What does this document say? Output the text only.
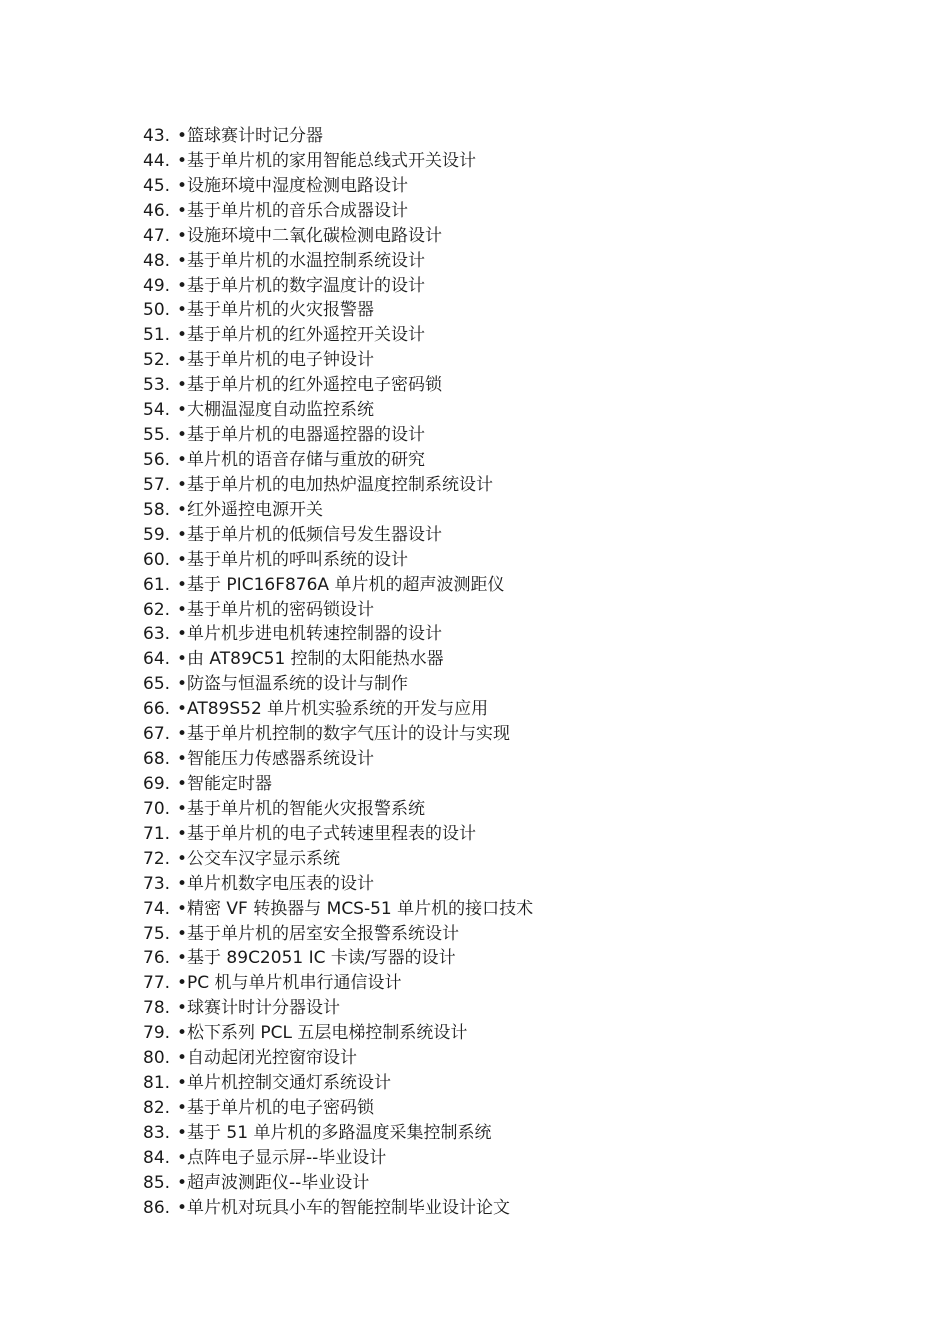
43. •篮球赛计时记分器
44. •基于单片机的家用智能总线式开关设计
45. •设施环境中湿度检测电路设计
46. •基于单片机的音乐合成器设计
47. •设施环境中二氧化碳检测电路设计
48. •基于单片机的水温控制系统设计
49. •基于单片机的数字温度计的设计
50. •基于单片机的火灾报警器
51. •基于单片机的红外遥控开关设计
52. •基于单片机的电子钟设计
53. •基于单片机的红外遥控电子密码锁
54. •大棚温湿度自动监控系统
55. •基于单片机的电器遥控器的设计
56. •单片机的语音存储与重放的研究
57. •基于单片机的电加热炉温度控制系统设计
58. •红外遥控电源开关
59. •基于单片机的低频信号发生器设计
60. •基于单片机的呼叫系统的设计
61. •基于 PIC16F876A 单片机的超声波测距仪
62. •基于单片机的密码锁设计
63. •单片机步进电机转速控制器的设计
64. •由 AT89C51 控制的太阳能热水器
65. •防盗与恒温系统的设计与制作
66. •AT89S52 单片机实验系统的开发与应用
67. •基于单片机控制的数字气压计的设计与实现
68. •智能压力传感器系统设计
69. •智能定时器
70. •基于单片机的智能火灾报警系统
71. •基于单片机的电子式转速里程表的设计
72. •公交车汉字显示系统
73. •单片机数字电压表的设计
74. •精密 VF 转换器与 MCS-51 单片机的接口技术
75. •基于单片机的居室安全报警系统设计
76. •基于 89C2051 IC 卡读/写器的设计
77. •PC 机与单片机串行通信设计
78. •球赛计时计分器设计
79. •松下系列 PCL 五层电梯控制系统设计
80. •自动起闭光控窗帘设计
81. •单片机控制交通灯系统设计
82. •基于单片机的电子密码锁
83. •基于 51 单片机的多路温度采集控制系统
84. •点阵电子显示屏--毕业设计
85. •超声波测距仪--毕业设计
86. •单片机对玩具小车的智能控制毕业设计论文
